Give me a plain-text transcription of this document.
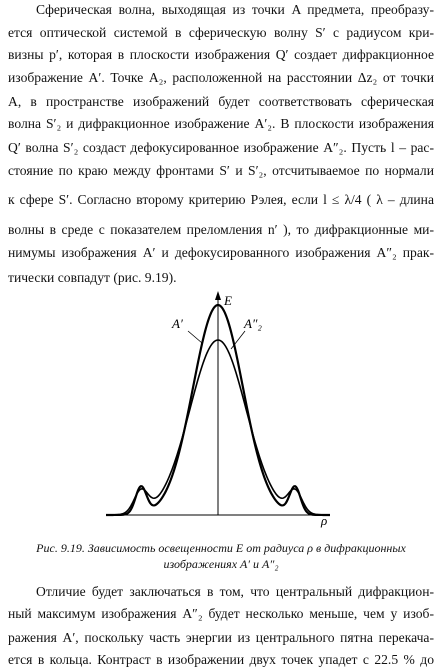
Сферическая волна, выходящая из точки A предмета, преобразу-
ется оптической системой в сферическую волну S′ с радиусом кри-
визны p′, которая в плоскости изображения Q′ создает дифракционное
изображение A′. Точке A₂, расположенной на расстоянии Δz₂ от точки
A, в пространстве изображений будет соответствовать сферическая
волна S′₂ и дифракционное изображение A′₂. В плоскости изображения
Q′ волна S′₂ создаст дефокусированное изображение A″₂. Пусть l – рас-
стояние по краю между фронтами S′ и S′₂, отсчитываемое по нормали
к сфере S′. Согласно второму критерию Рэлея, если l ≤ λ/4 ( λ – длина
волны в среде с показателем преломления n′ ), то дифракционные ми-
нимумы изображения A′ и дефокусированного изображения A″₂ прак-
тически совпадут (рис. 9.19).
E
ρ
A′	A″₂
Рис. 9.19. Зависимость освещенности E от радиуса ρ в дифракционных
изображениях A′ и A″₂
Отличие будет заключаться в том, что центральный дифракцион-
ный максимум изображения A″₂ будет несколько меньше, чем у изоб-
ражения A′, поскольку часть энергии из центрального пятна перекача-
ется в кольца. Контраст в изображении двух точек упадет с 22.5 % до
